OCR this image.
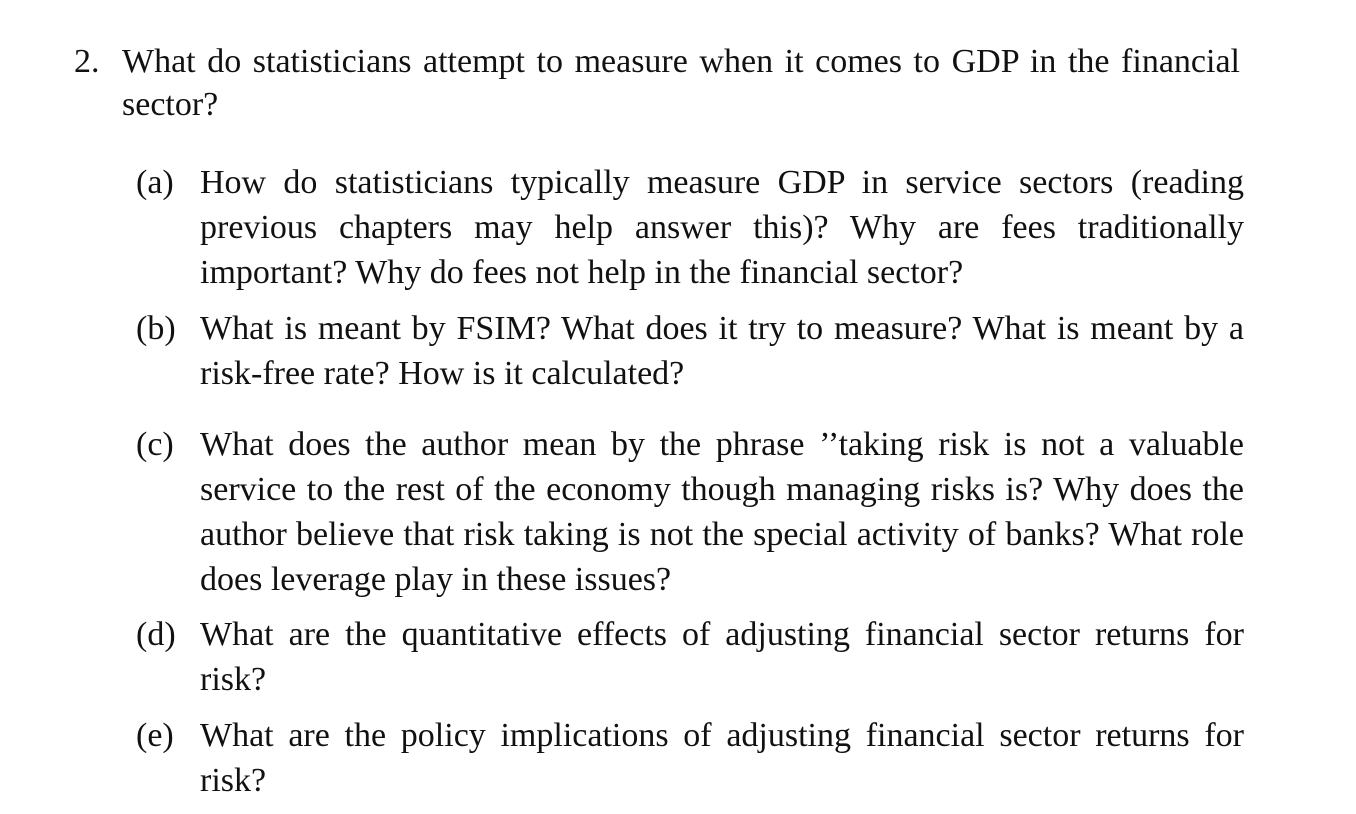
2. What do statisticians attempt to measure when it comes to GDP in the financial sector?
(a) How do statisticians typically measure GDP in service sectors (reading previous chapters may help answer this)? Why are fees traditionally important? Why do fees not help in the financial sector?
(b) What is meant by FSIM? What does it try to measure? What is meant by a risk-free rate? How is it calculated?
(c) What does the author mean by the phrase ’’taking risk is not a valuable service to the rest of the economy though managing risks is? Why does the author believe that risk taking is not the special activity of banks? What role does leverage play in these issues?
(d) What are the quantitative effects of adjusting financial sector returns for risk?
(e) What are the policy implications of adjusting financial sector returns for risk?
